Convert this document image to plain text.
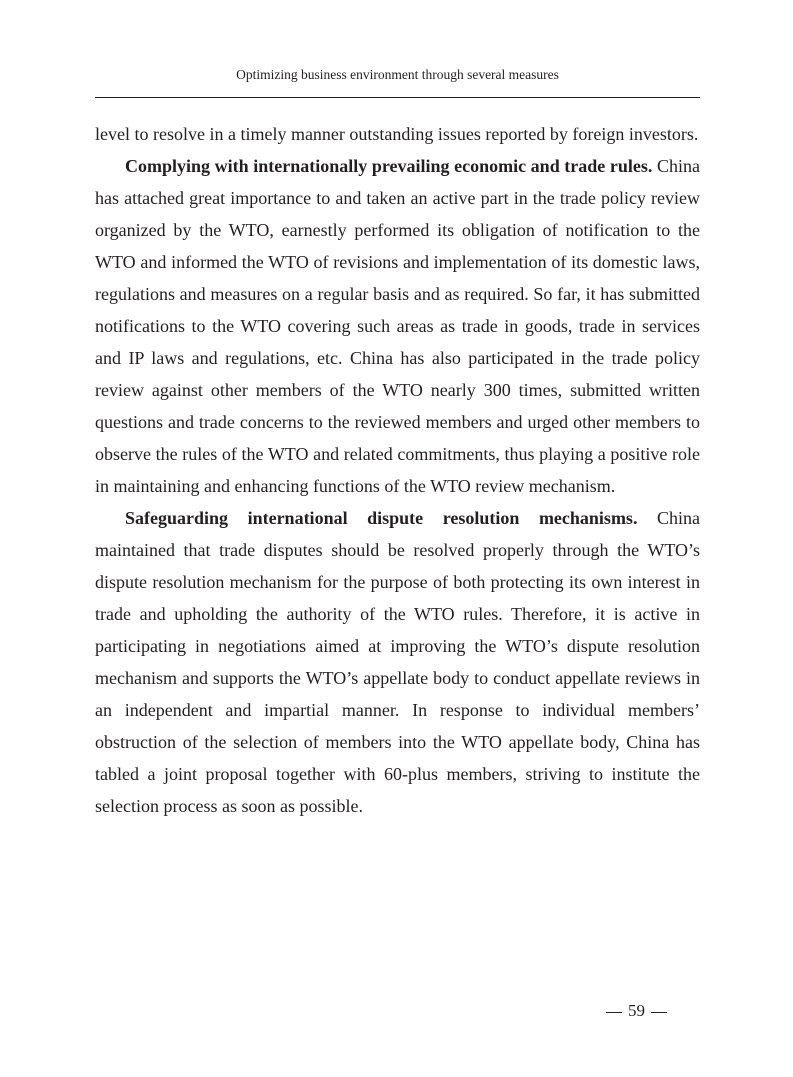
Optimizing business environment through several measures

level to resolve in a timely manner outstanding issues reported by foreign investors.

Complying with internationally prevailing economic and trade rules. China has attached great importance to and taken an active part in the trade policy review organized by the WTO, earnestly performed its obligation of notification to the WTO and informed the WTO of revisions and implementation of its domestic laws, regulations and measures on a regular basis and as required. So far, it has submitted notifications to the WTO covering such areas as trade in goods, trade in services and IP laws and regulations, etc. China has also participated in the trade policy review against other members of the WTO nearly 300 times, submitted written questions and trade concerns to the reviewed members and urged other members to observe the rules of the WTO and related commitments, thus playing a positive role in maintaining and enhancing functions of the WTO review mechanism.

Safeguarding international dispute resolution mechanisms. China maintained that trade disputes should be resolved properly through the WTO’s dispute resolution mechanism for the purpose of both protecting its own interest in trade and upholding the authority of the WTO rules. Therefore, it is active in participating in negotiations aimed at improving the WTO’s dispute resolution mechanism and supports the WTO’s appellate body to conduct appellate reviews in an independent and impartial manner. In response to individual members’ obstruction of the selection of members into the WTO appellate body, China has tabled a joint proposal together with 60-plus members, striving to institute the selection process as soon as possible.

59
